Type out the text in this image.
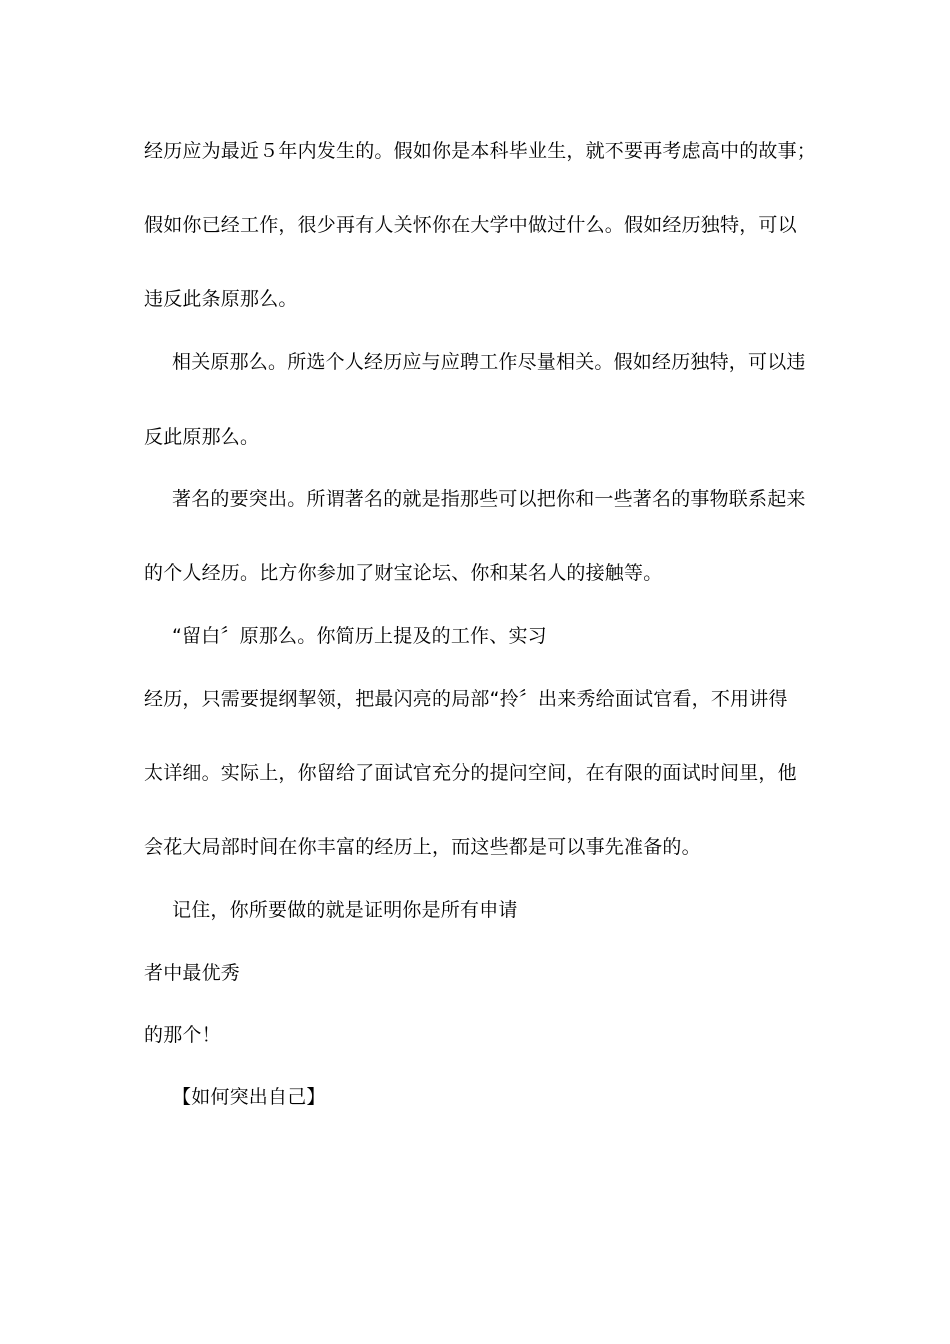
经历应为最近５年内发生的。假如你是本科毕业生，就不要再考虑高中的故事；
假如你已经工作，很少再有人关怀你在大学中做过什么。假如经历独特，可以
违反此条原那么。
相关原那么。所选个人经历应与应聘工作尽量相关。假如经历独特，可以违
反此原那么。
著名的要突出。所谓著名的就是指那些可以把你和一些著名的事物联系起来
的个人经历。比方你参加了财宝论坛、你和某名人的接触等。
“留白〞原那么。你简历上提及的工作、实习
经历，只需要提纲挈领，把最闪亮的局部“拎〞出来秀给面试官看，不用讲得
太详细。实际上，你留给了面试官充分的提问空间，在有限的面试时间里，他
会花大局部时间在你丰富的经历上，而这些都是可以事先准备的。
记住，你所要做的就是证明你是所有申请
者中最优秀
的那个！
【如何突出自己】
